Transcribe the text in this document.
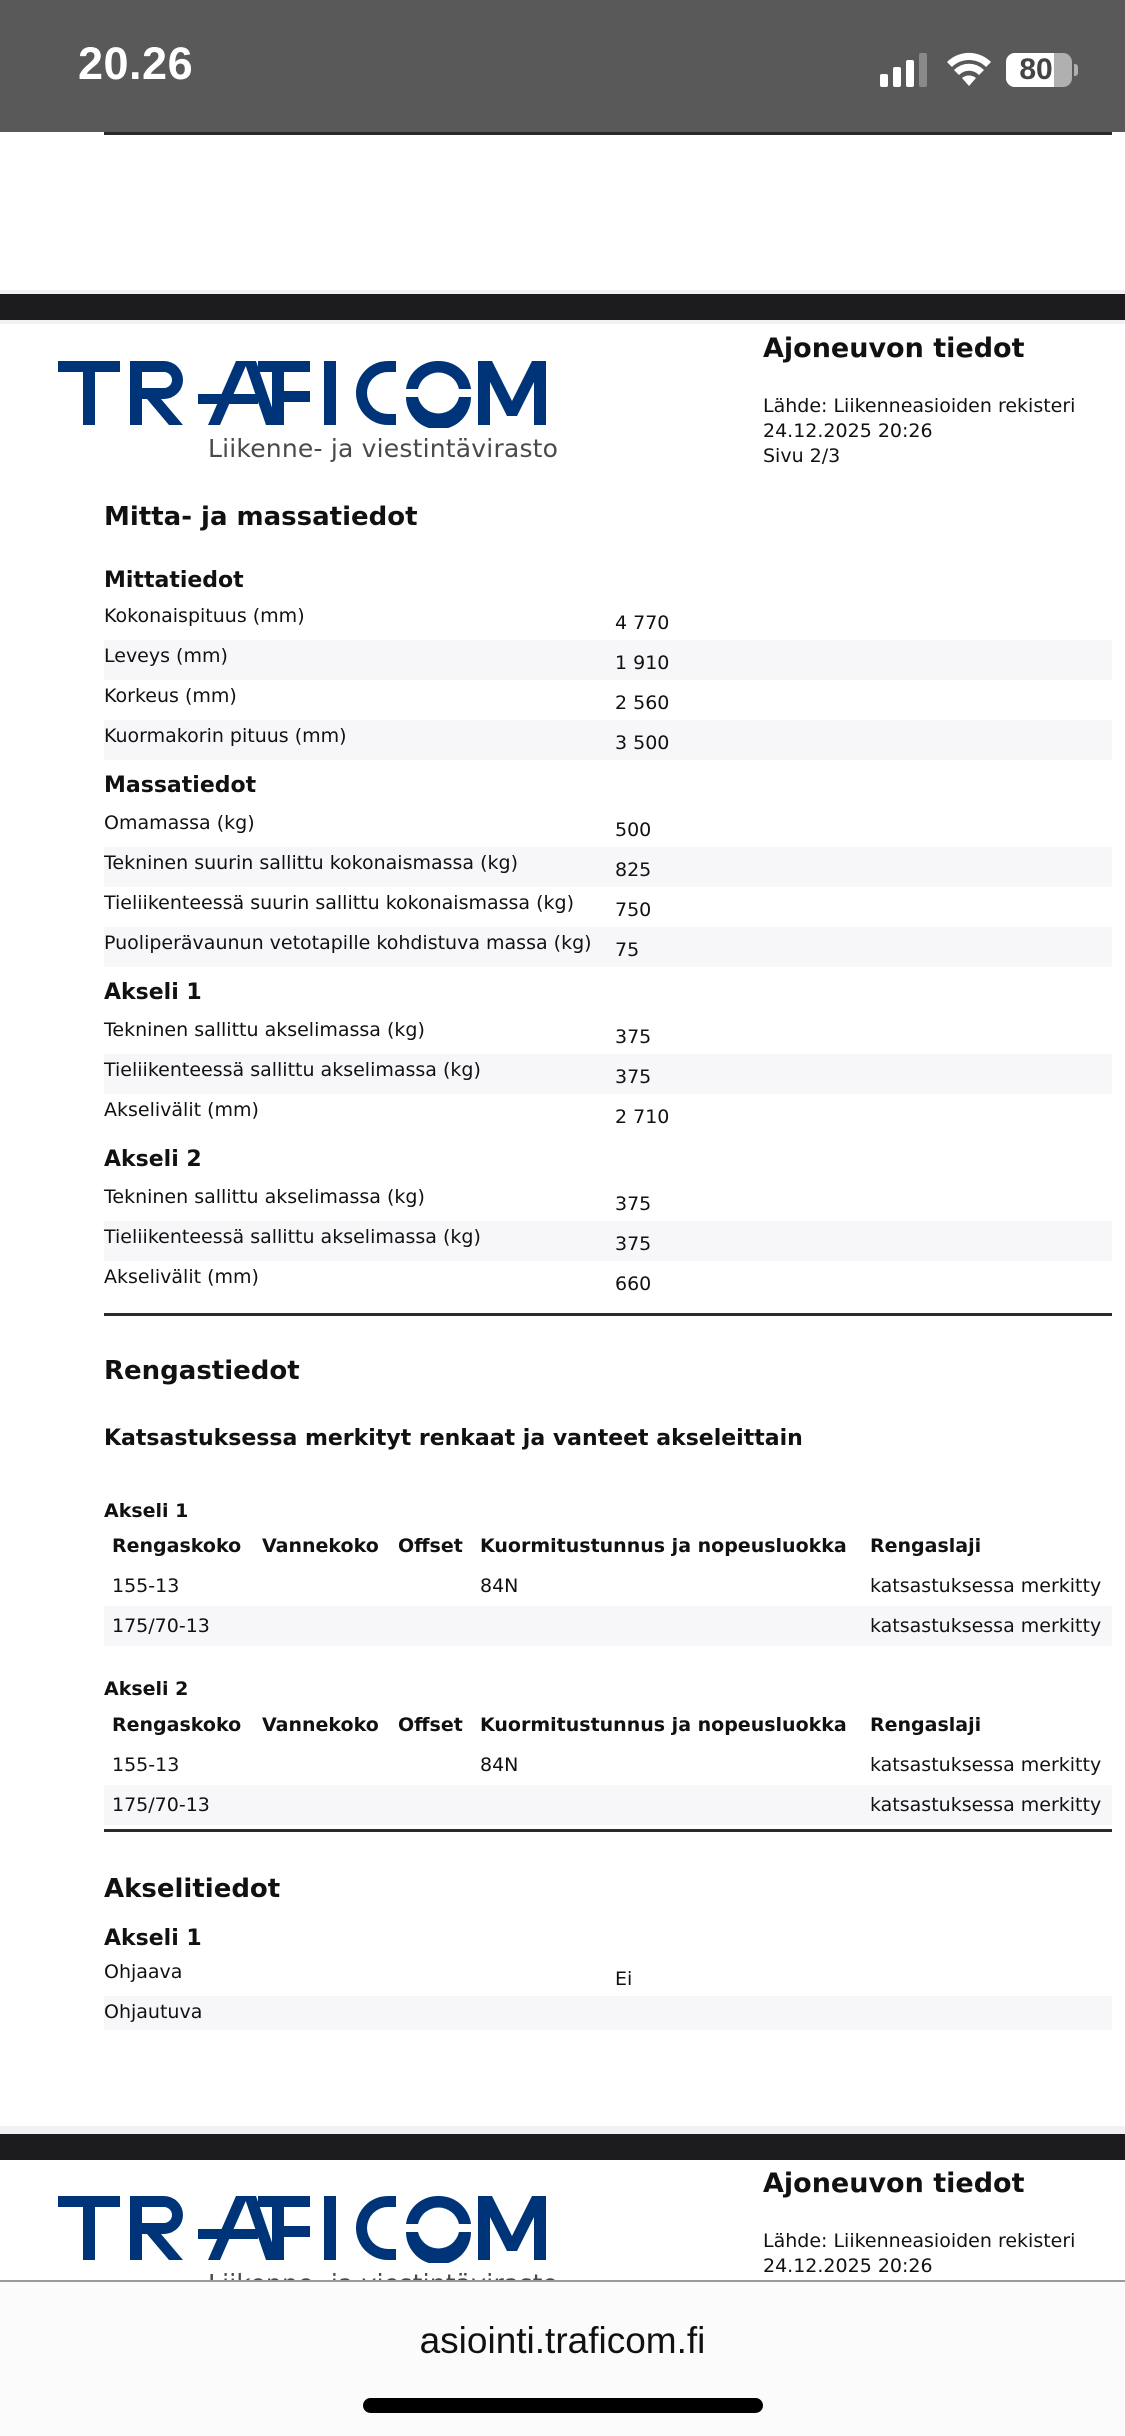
20.26	80
Liikenne- ja viestintävirasto
Ajoneuvon tiedot
Lähde: Liikenneasioiden rekisteri
24.12.2025 20:26
Sivu 2/3
Mitta- ja massatiedot
Mittatiedot
Kokonaispituus (mm)	4 770
Leveys (mm)	1 910
Korkeus (mm)	2 560
Kuormakorin pituus (mm)	3 500
Massatiedot
Omamassa (kg)	500
Tekninen suurin sallittu kokonaismassa (kg)	825
Tieliikenteessä suurin sallittu kokonaismassa (kg) 750
Puoliperävaunun vetotapille kohdistuva massa (kg) 75
Akseli 1
Tekninen sallittu akselimassa (kg)	375
Tieliikenteessä sallittu akselimassa (kg)	375
Akselivälit (mm)	2 710
Akseli 2
Tekninen sallittu akselimassa (kg)	375
Tieliikenteessä sallittu akselimassa (kg)	375
Akselivälit (mm)	660
Rengastiedot
Katsastuksessa merkityt renkaat ja vanteet akseleittain
Akseli 1
Rengaskoko	Vannekoko	Offset	Kuormitustunnus ja nopeusluokka	Rengaslaji
155-13			84N	katsastuksessa merkitty
175/70-13				katsastuksessa merkitty
Akseli 2
Rengaskoko	Vannekoko	Offset	Kuormitustunnus ja nopeusluokka	Rengaslaji
155-13			84N	katsastuksessa merkitty
175/70-13				katsastuksessa merkitty
Akselitiedot
Akseli 1
Ohjaava	Ei
Ohjautuva
Ajoneuvon tiedot
Lähde: Liikenneasioiden rekisteri
24.12.2025 20:26
asiointi.traficom.fi
